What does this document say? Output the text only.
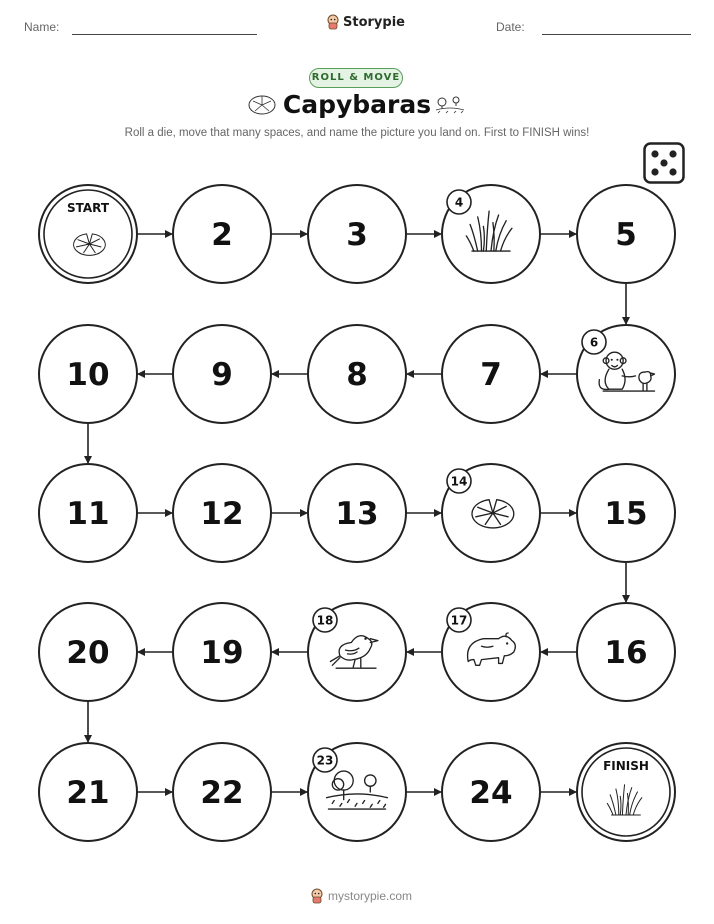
Name:	Storypie	Date:
ROLL & MOVE
Capybaras
Roll a die, move that many spaces, and name the picture you land on. First to FINISH wins!
START
2	3
4
5
6
7
8
9
10
11	12	13
14
15
16
17
18
19
20
21	22
23
24
FINISH
mystorypie.com
